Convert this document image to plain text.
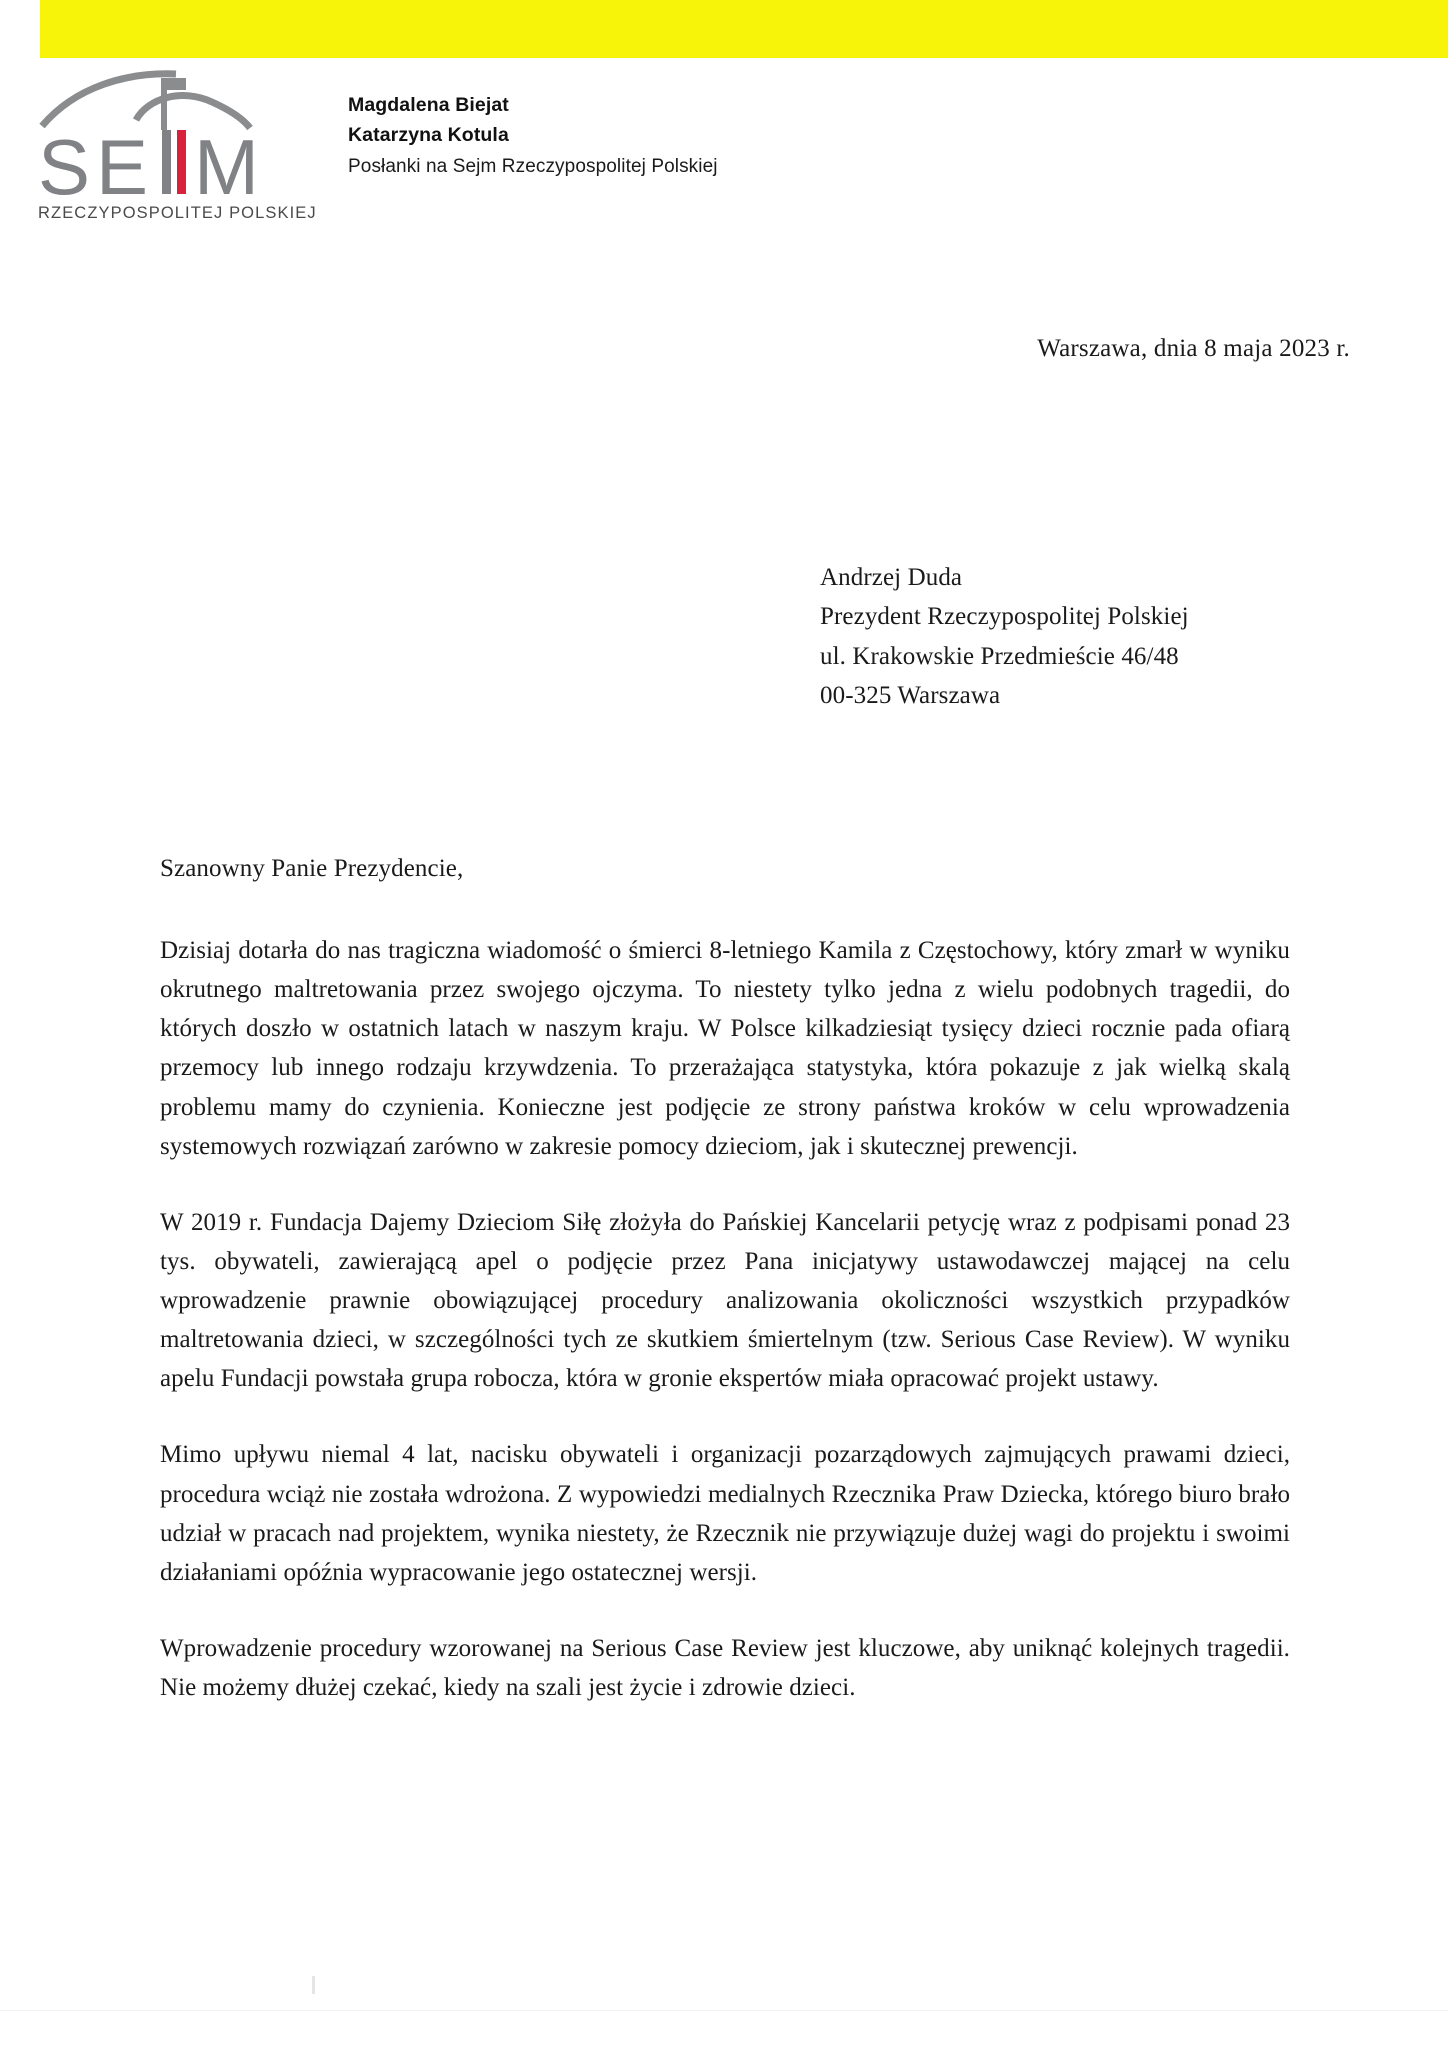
S
E M
RZECZYPOSPOLITEJ POLSKIEJ
Magdalena Biejat
Katarzyna Kotula
Posłanki na Sejm Rzeczypospolitej Polskiej
Warszawa, dnia 8 maja 2023 r.
Andrzej Duda
Prezydent Rzeczypospolitej Polskiej
ul. Krakowskie Przedmieście 46/48
00-325 Warszawa
Szanowny Panie Prezydencie,

Dzisiaj dotarła do nas tragiczna wiadomość o śmierci 8-letniego Kamila z Częstochowy, który zmarł w wyniku okrutnego maltretowania przez swojego ojczyma. To niestety tylko jedna z wielu podobnych tragedii, do których doszło w ostatnich latach w naszym kraju. W Polsce kilkadziesiąt tysięcy dzieci rocznie pada ofiarą przemocy lub innego rodzaju krzywdzenia. To przerażająca statystyka, która pokazuje z jak wielką skalą problemu mamy do czynienia. Konieczne jest podjęcie ze strony państwa kroków w celu wprowadzenia systemowych rozwiązań zarówno w zakresie pomocy dzieciom, jak i skutecznej prewencji.

W 2019 r. Fundacja Dajemy Dzieciom Siłę złożyła do Pańskiej Kancelarii petycję wraz z podpisami ponad 23 tys. obywateli, zawierającą apel o podjęcie przez Pana inicjatywy ustawodawczej mającej na celu wprowadzenie prawnie obowiązującej procedury analizowania okoliczności wszystkich przypadków maltretowania dzieci, w szczególności tych ze skutkiem śmiertelnym (tzw. Serious Case Review). W wyniku apelu Fundacji powstała grupa robocza, która w gronie ekspertów miała opracować projekt ustawy.

Mimo upływu niemal 4 lat, nacisku obywateli i organizacji pozarządowych zajmujących prawami dzieci, procedura wciąż nie została wdrożona. Z wypowiedzi medialnych Rzecznika Praw Dziecka, którego biuro brało udział w pracach nad projektem, wynika niestety, że Rzecznik nie przywiązuje dużej wagi do projektu i swoimi działaniami opóźnia wypracowanie jego ostatecznej wersji.

Wprowadzenie procedury wzorowanej na Serious Case Review jest kluczowe, aby uniknąć kolejnych tragedii. Nie możemy dłużej czekać, kiedy na szali jest życie i zdrowie dzieci.
